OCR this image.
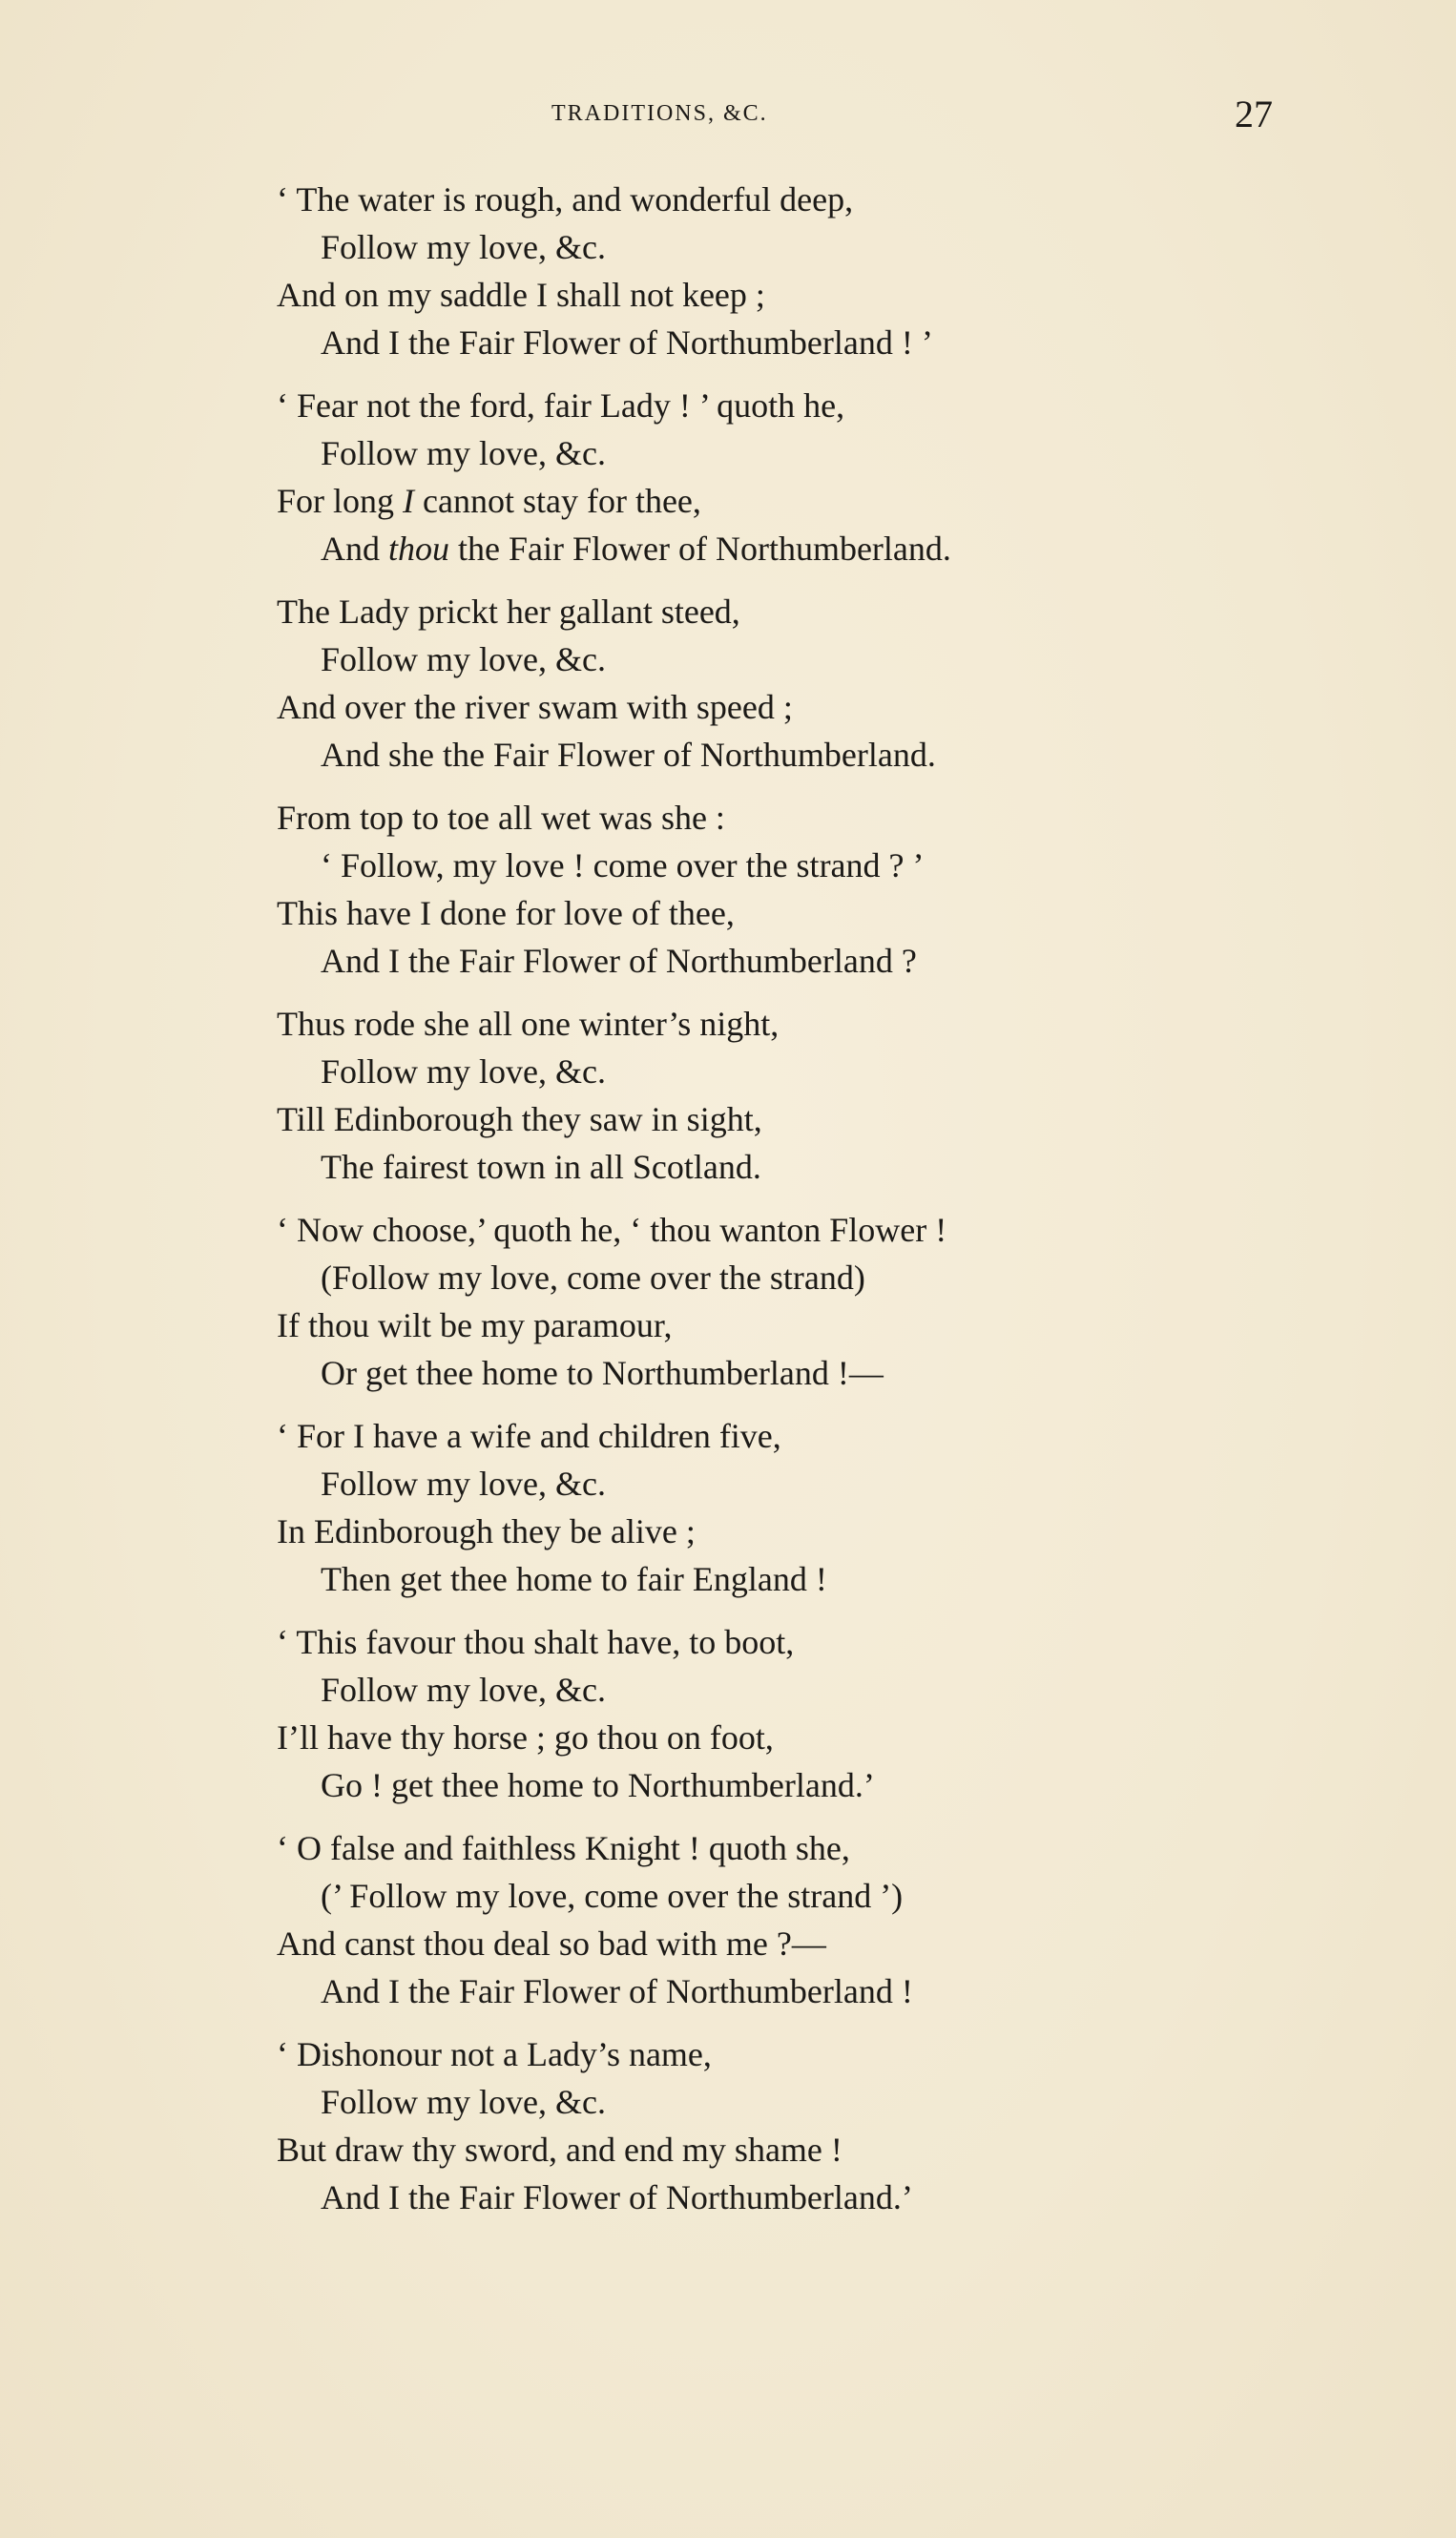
TRADITIONS, &C.	27
‘ The water is rough, and wonderful deep,
Follow my love, &c.
And on my saddle I shall not keep ;
And I the Fair Flower of Northumberland ! ’
‘ Fear not the ford, fair Lady ! ’ quoth he,
Follow my love, &c.
For long I cannot stay for thee,
And thou the Fair Flower of Northumberland.
The Lady prickt her gallant steed,
Follow my love, &c.
And over the river swam with speed ;
And she the Fair Flower of Northumberland.
From top to toe all wet was she :
‘ Follow, my love ! come over the strand ? ’
This have I done for love of thee,
And I the Fair Flower of Northumberland ?
Thus rode she all one winter’s night,
Follow my love, &c.
Till Edinborough they saw in sight,
The fairest town in all Scotland.
‘ Now choose,’ quoth he, ‘ thou wanton Flower !
(Follow my love, come over the strand)
If thou wilt be my paramour,
Or get thee home to Northumberland !—
‘ For I have a wife and children five,
Follow my love, &c.
In Edinborough they be alive ;
Then get thee home to fair England !
‘ This favour thou shalt have, to boot,
Follow my love, &c.
I’ll have thy horse ; go thou on foot,
Go ! get thee home to Northumberland.’
‘ O false and faithless Knight ! quoth she,
(’ Follow my love, come over the strand ’)
And canst thou deal so bad with me ?—
And I the Fair Flower of Northumberland !
‘ Dishonour not a Lady’s name,
Follow my love, &c.
But draw thy sword, and end my shame !
And I the Fair Flower of Northumberland.’
